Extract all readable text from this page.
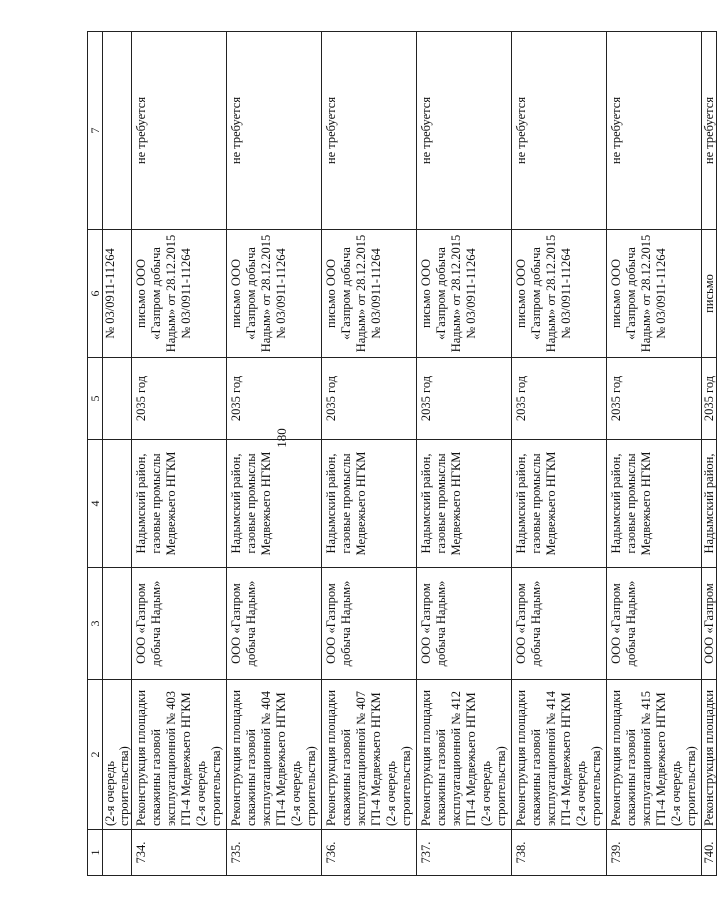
180
1	2	3	4	5	6	7
	(2-я очередь строительства)				№ 03/0911-11264	
734.	Реконструкция площадки скважины газовой эксплуатационной № 403 ГП-4 Медвежьего НГКМ (2-я очередь строительства)	ООО «Газпром добыча Надым»	Надымский район, газовые промыслы Медвежьего НГКМ	2035 год	письмо ООО «Газпром добыча Надым» от 28.12.2015 № 03/0911-11264	не требуется
735.	Реконструкция площадки скважины газовой эксплуатационной № 404 ГП-4 Медвежьего НГКМ (2-я очередь строительства)	ООО «Газпром добыча Надым»	Надымский район, газовые промыслы Медвежьего НГКМ	2035 год	письмо ООО «Газпром добыча Надым» от 28.12.2015 № 03/0911-11264	не требуется
736.	Реконструкция площадки скважины газовой эксплуатационной № 407 ГП-4 Медвежьего НГКМ (2-я очередь строительства)	ООО «Газпром добыча Надым»	Надымский район, газовые промыслы Медвежьего НГКМ	2035 год	письмо ООО «Газпром добыча Надым» от 28.12.2015 № 03/0911-11264	не требуется
737.	Реконструкция площадки скважины газовой эксплуатационной № 412 ГП-4 Медвежьего НГКМ (2-я очередь строительства)	ООО «Газпром добыча Надым»	Надымский район, газовые промыслы Медвежьего НГКМ	2035 год	письмо ООО «Газпром добыча Надым» от 28.12.2015 № 03/0911-11264	не требуется
738.	Реконструкция площадки скважины газовой эксплуатационной № 414 ГП-4 Медвежьего НГКМ (2-я очередь строительства)	ООО «Газпром добыча Надым»	Надымский район, газовые промыслы Медвежьего НГКМ	2035 год	письмо ООО «Газпром добыча Надым» от 28.12.2015 № 03/0911-11264	не требуется
739.	Реконструкция площадки скважины газовой эксплуатационной № 415 ГП-4 Медвежьего НГКМ (2-я очередь строительства)	ООО «Газпром добыча Надым»	Надымский район, газовые промыслы Медвежьего НГКМ	2035 год	письмо ООО «Газпром добыча Надым» от 28.12.2015 № 03/0911-11264	не требуется
740.	Реконструкция площадки	ООО «Газпром	Надымский район,	2035 год	письмо	не требуется
